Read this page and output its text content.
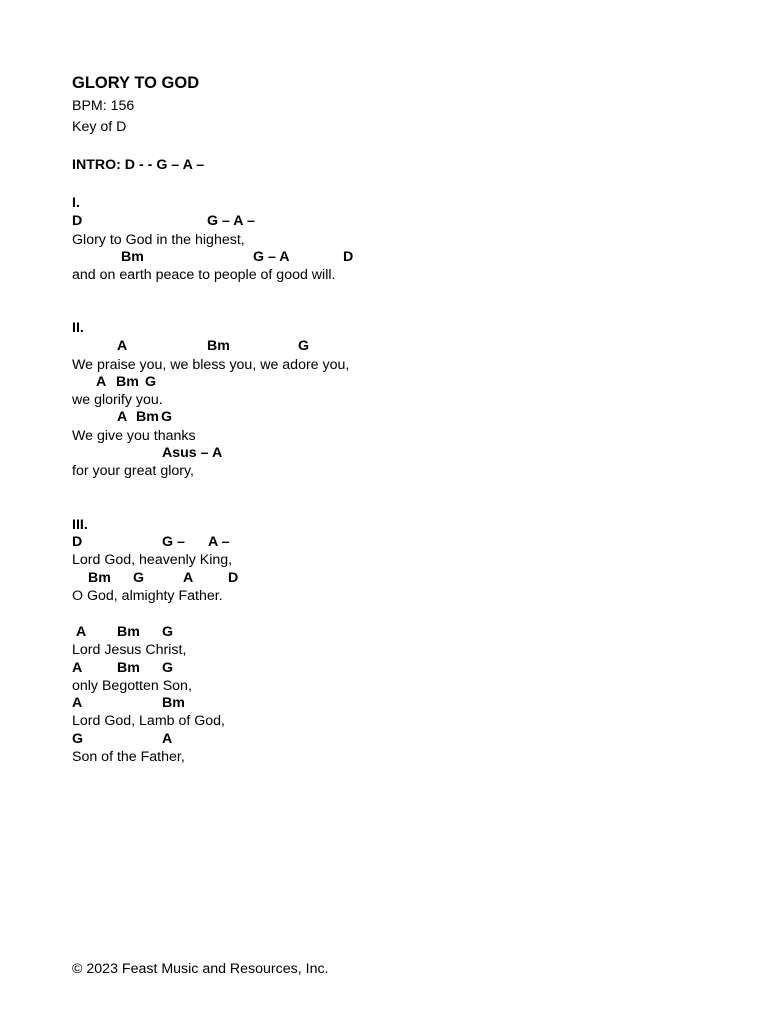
GLORY TO GOD
BPM: 156
Key of D
INTRO: D - - G – A –
I.
D	G – A –
Glory to God in the highest,
Bm	G – A	D
and on earth peace to people of good will.
II.
A	Bm	G
We praise you, we bless you, we adore you,
A Bm G
we glorify you.
A Bm G
We give you thanks
Asus – A
for your great glory,
III.
D	G – A –
Lord God, heavenly King,
Bm G	A D
O God, almighty Father.
A Bm G
Lord Jesus Christ,
A Bm G
only Begotten Son,
A	Bm
Lord God, Lamb of God,
G	A
Son of the Father,
© 2023 Feast Music and Resources, Inc.
